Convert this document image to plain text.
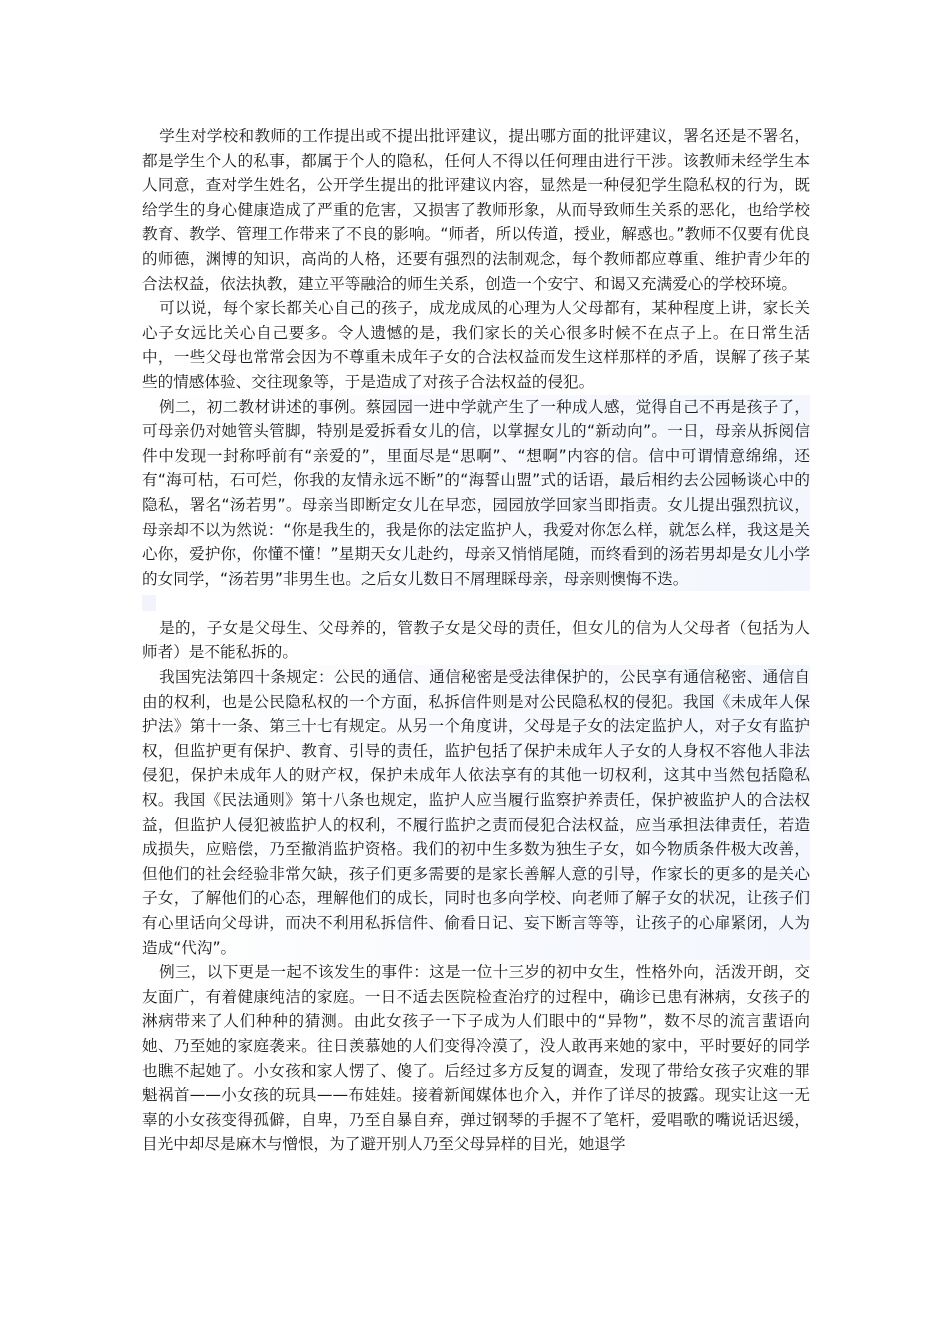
学生对学校和教师的工作提出或不提出批评建议，提出哪方面的批评建议，署名还是不署名，都是学生个人的私事，都属于个人的隐私，任何人不得以任何理由进行干涉。该教师未经学生本人同意，查对学生姓名，公开学生提出的批评建议内容，显然是一种侵犯学生隐私权的行为，既给学生的身心健康造成了严重的危害，又损害了教师形象，从而导致师生关系的恶化，也给学校教育、教学、管理工作带来了不良的影响。“师者，所以传道，授业，解惑也。”教师不仅要有优良的师德，渊博的知识，高尚的人格，还要有强烈的法制观念，每个教师都应尊重、维护青少年的合法权益，依法执教，建立平等融洽的师生关系，创造一个安宁、和谒又充满爱心的学校环境。

可以说，每个家长都关心自己的孩子，成龙成凤的心理为人父母都有，某种程度上讲，家长关心子女远比关心自己要多。令人遗憾的是，我们家长的关心很多时候不在点子上。在日常生活中，一些父母也常常会因为不尊重未成年子女的合法权益而发生这样那样的矛盾，误解了孩子某些的情感体验、交往现象等，于是造成了对孩子合法权益的侵犯。

例二，初二教材讲述的事例。蔡园园一进中学就产生了一种成人感，觉得自己不再是孩子了，可母亲仍对她管头管脚，特别是爱拆看女儿的信，以掌握女儿的“新动向”。一日，母亲从拆阅信件中发现一封称呼前有“亲爱的”，里面尽是“思啊”、“想啊”内容的信。信中可谓情意绵绵，还有“海可枯，石可烂，你我的友情永远不断”的“海誓山盟”式的话语，最后相约去公园畅谈心中的隐私，署名“汤若男”。母亲当即断定女儿在早恋，园园放学回家当即指责。女儿提出强烈抗议，母亲却不以为然说：“你是我生的，我是你的法定监护人，我爱对你怎么样，就怎么样，我这是关心你，爱护你，你懂不懂！”星期天女儿赴约，母亲又悄悄尾随，而终看到的汤若男却是女儿小学的女同学，“汤若男”非男生也。之后女儿数日不屑理睬母亲，母亲则懊悔不迭。

是的，子女是父母生、父母养的，管教子女是父母的责任，但女儿的信为人父母者（包括为人师者）是不能私拆的。

我国宪法第四十条规定：公民的通信、通信秘密是受法律保护的，公民享有通信秘密、通信自由的权利，也是公民隐私权的一个方面，私拆信件则是对公民隐私权的侵犯。我国《未成年人保护法》第十一条、第三十七有规定。从另一个角度讲，父母是子女的法定监护人，对子女有监护权，但监护更有保护、教育、引导的责任，监护包括了保护未成年人子女的人身权不容他人非法侵犯，保护未成年人的财产权，保护未成年人依法享有的其他一切权利，这其中当然包括隐私权。我国《民法通则》第十八条也规定，监护人应当履行监察护养责任，保护被监护人的合法权益，但监护人侵犯被监护人的权利，不履行监护之责而侵犯合法权益，应当承担法律责任，若造成损失，应赔偿，乃至撤消监护资格。我们的初中生多数为独生子女，如今物质条件极大改善，但他们的社会经验非常欠缺，孩子们更多需要的是家长善解人意的引导，作家长的更多的是关心子女，了解他们的心态，理解他们的成长，同时也多向学校、向老师了解子女的状况，让孩子们有心里话向父母讲，而决不利用私拆信件、偷看日记、妄下断言等等，让孩子的心扉紧闭，人为造成“代沟”。

例三，以下更是一起不该发生的事件：这是一位十三岁的初中女生，性格外向，活泼开朗，交友面广，有着健康纯洁的家庭。一日不适去医院检查治疗的过程中，确诊已患有淋病，女孩子的淋病带来了人们种种的猜测。由此女孩子一下子成为人们眼中的“异物”，数不尽的流言蜚语向她、乃至她的家庭袭来。往日羡慕她的人们变得冷漠了，没人敢再来她的家中，平时要好的同学也瞧不起她了。小女孩和家人愣了、傻了。后经过多方反复的调查，发现了带给女孩子灾难的罪魁祸首——小女孩的玩具——布娃娃。接着新闻媒体也介入，并作了详尽的披露。现实让这一无辜的小女孩变得孤僻，自卑，乃至自暴自弃，弹过钢琴的手握不了笔杆，爱唱歌的嘴说话迟缓，目光中却尽是麻木与憎恨，为了避开别人乃至父母异样的目光，她退学
